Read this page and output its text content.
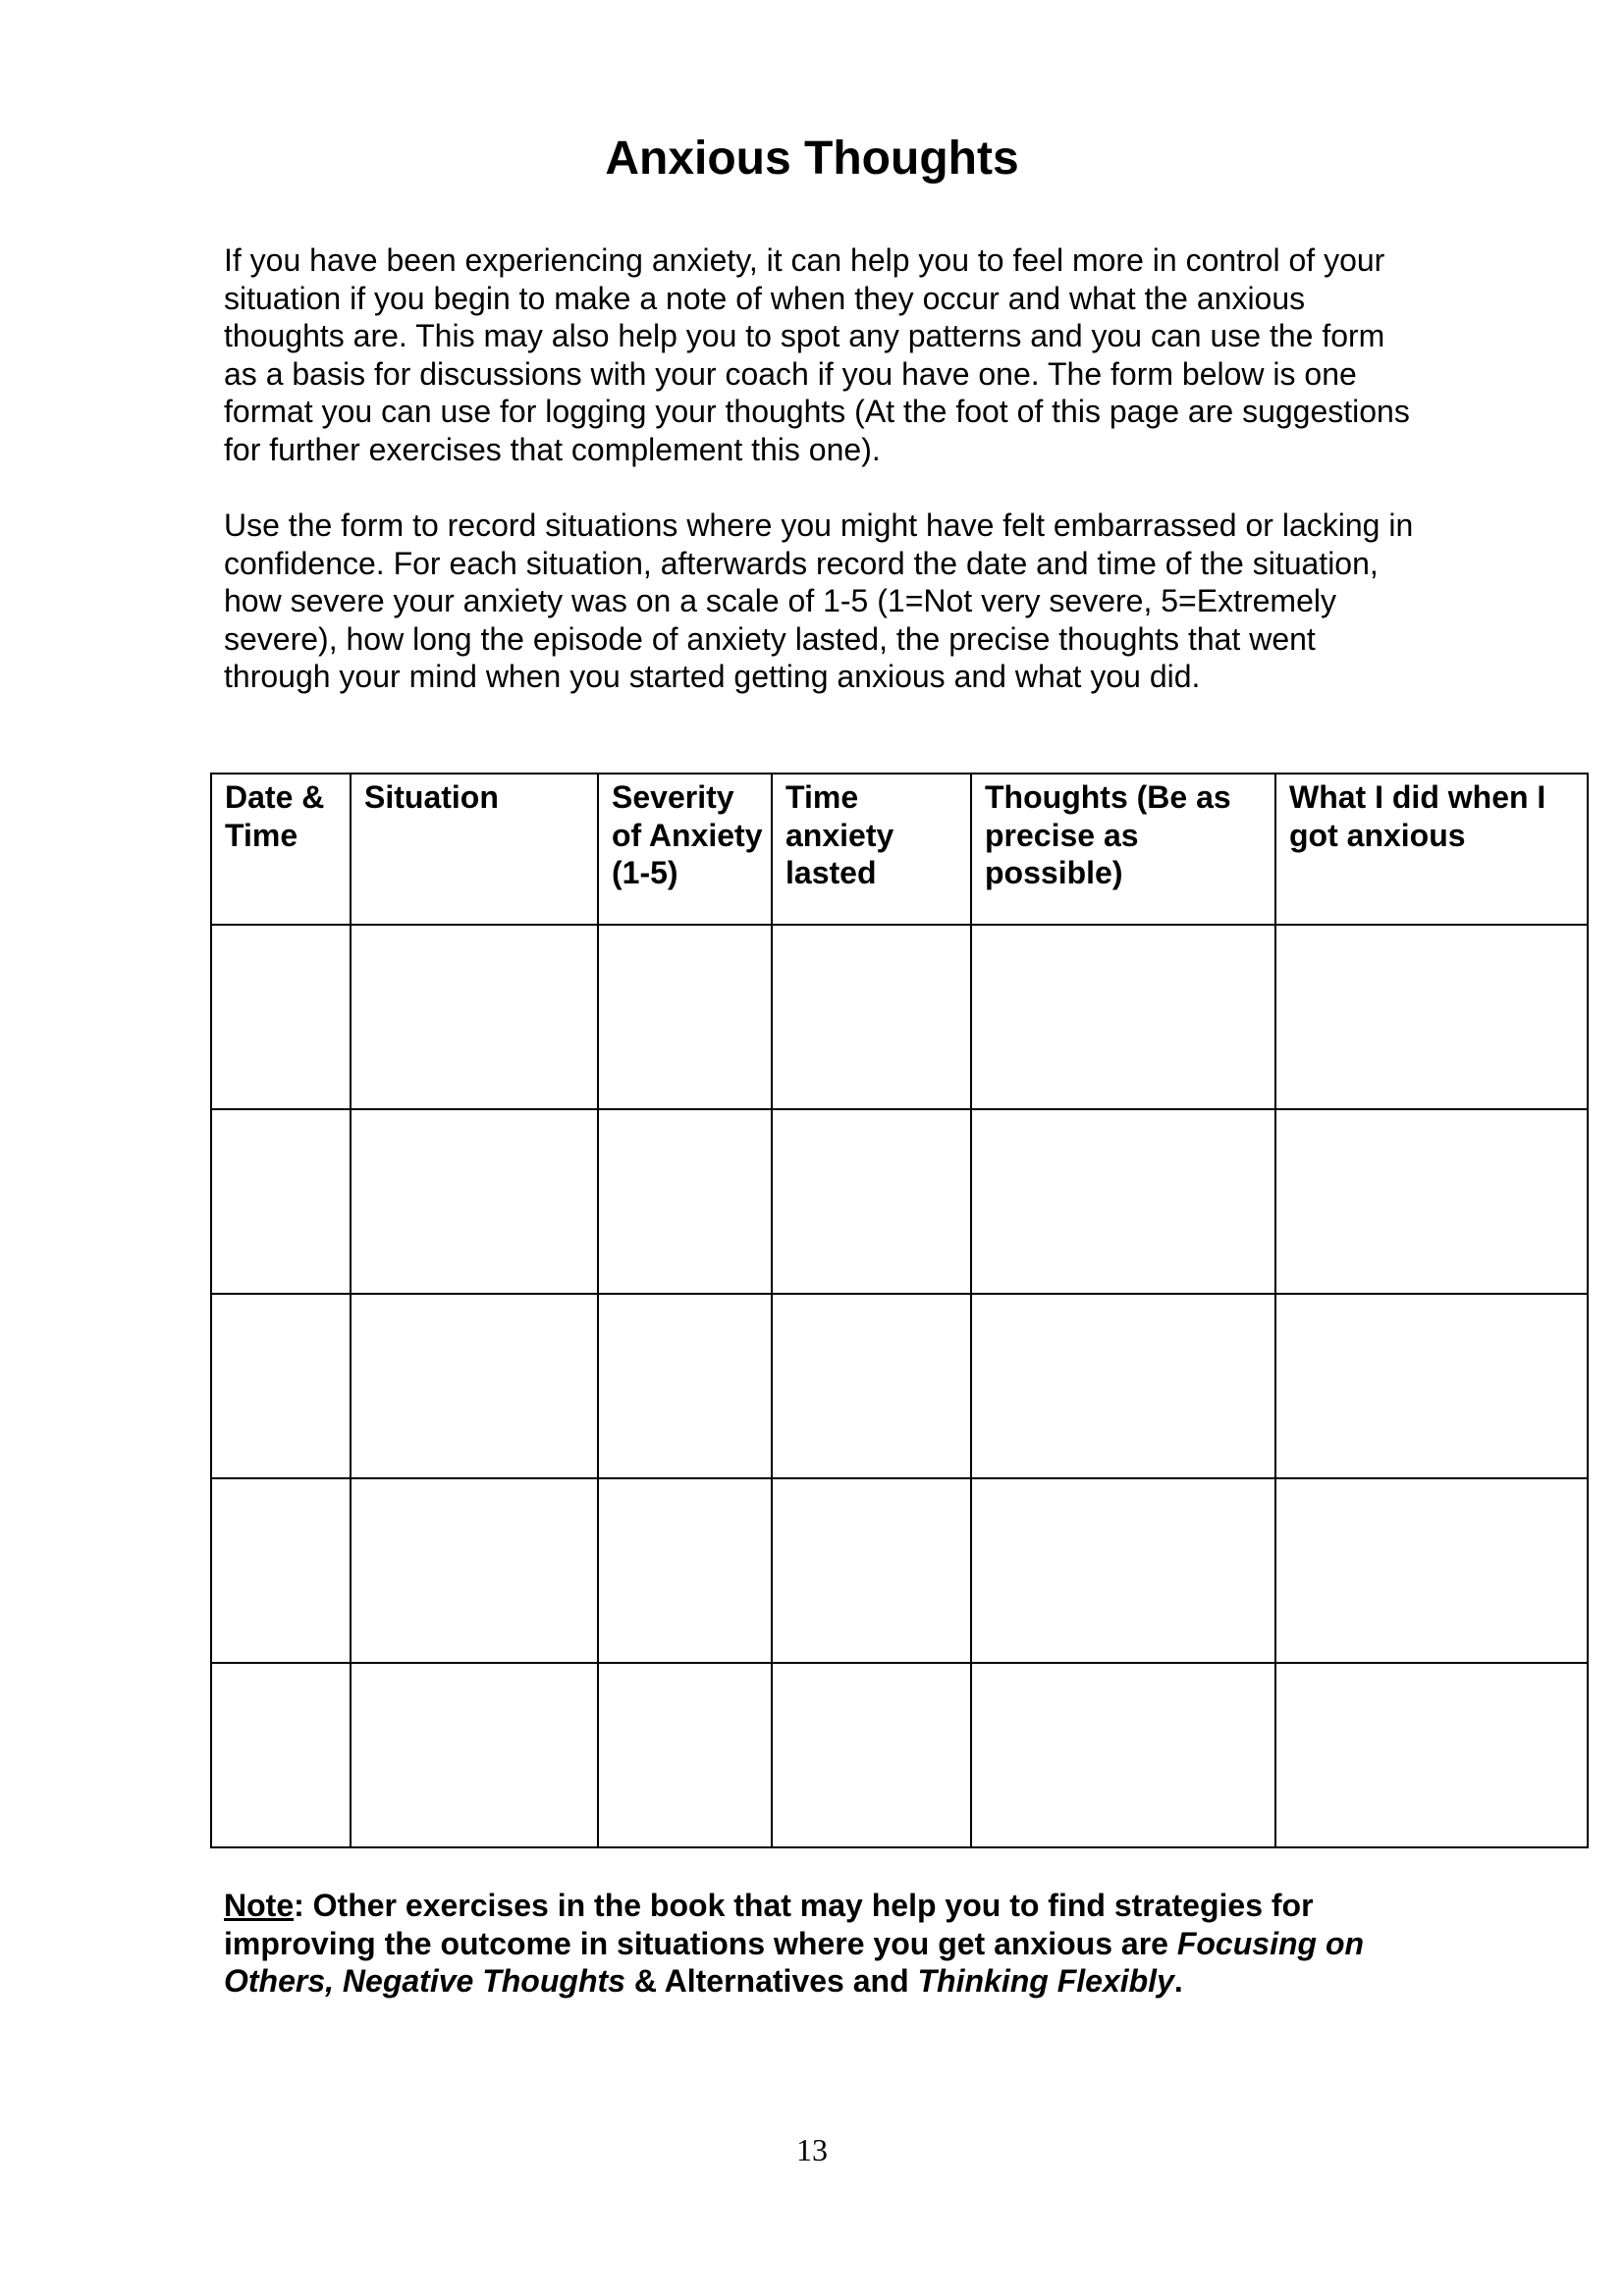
Anxious Thoughts

If you have been experiencing anxiety, it can help you to feel more in control of your situation if you begin to make a note of when they occur and what the anxious thoughts are. This may also help you to spot any patterns and you can use the form as a basis for discussions with your coach if you have one. The form below is one format you can use for logging your thoughts (At the foot of this page are suggestions for further exercises that complement this one).

Use the form to record situations where you might have felt embarrassed or lacking in confidence. For each situation, afterwards record the date and time of the situation, how severe your anxiety was on a scale of 1-5 (1=Not very severe, 5=Extremely severe), how long the episode of anxiety lasted, the precise thoughts that went through your mind when you started getting anxious and what you did.

Date & Time	Situation	Severity of Anxiety (1-5)	Time anxiety lasted	Thoughts (Be as precise as possible)	What I did when I got anxious

Note: Other exercises in the book that may help you to find strategies for improving the outcome in situations where you get anxious are Focusing on Others, Negative Thoughts & Alternatives and Thinking Flexibly.

13
